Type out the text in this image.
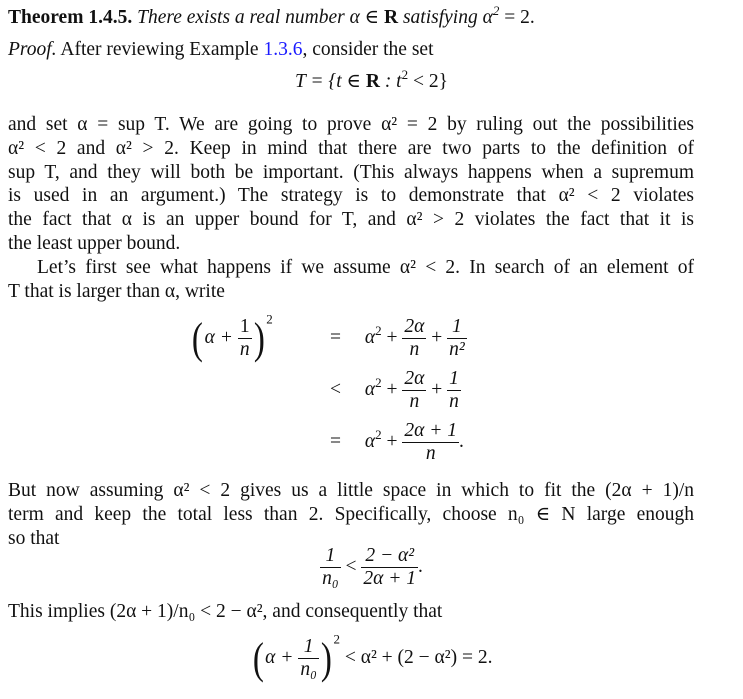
Theorem 1.4.5. There exists a real number α ∈ R satisfying $\alpha^2 = 2$.
Proof. After reviewing Example 1.3.6, consider the set
T = {t ∈ R : $t^2 < 2$}
and set α = sup T. We are going to prove α² = 2 by ruling out the possibilities
α² < 2 and α² > 2. Keep in mind that there are two parts to the definition of
sup T, and they will both be important. (This always happens when a supremum
is used in an argument.) The strategy is to demonstrate that α² < 2 violates
the fact that α is an upper bound for T, and α² > 2 violates the fact that it is
the least upper bound.
Let’s first see what happens if we assume α² < 2. In search of an element of
T that is larger than α, write
($\alpha + \frac{1}{n}$ ) $^2$
= $\alpha^2 + \frac{2\alpha}{n} + \frac{1}{\text{n²}}$
< $\alpha^2 + \frac{2\alpha}{n} + \frac{1}{n}$
= $\alpha^2 + \frac{2\alpha + 1}{n}$ .
But now assuming α² < 2 gives us a little space in which to fit the (2α + 1)/n
term and keep the total less than 2. Specifically, choose n₀ ∈ N large enough
so that
$\frac{1}{\text{n₀}} < \frac{\text{2 − α²}}{2\alpha + 1}$ .
This implies (2α + 1)/n₀ < 2 − α², and consequently that
($\alpha + \frac{1}{\text{n₀}}$ ) $^2$ < α² + (2 − α²) = 2.
